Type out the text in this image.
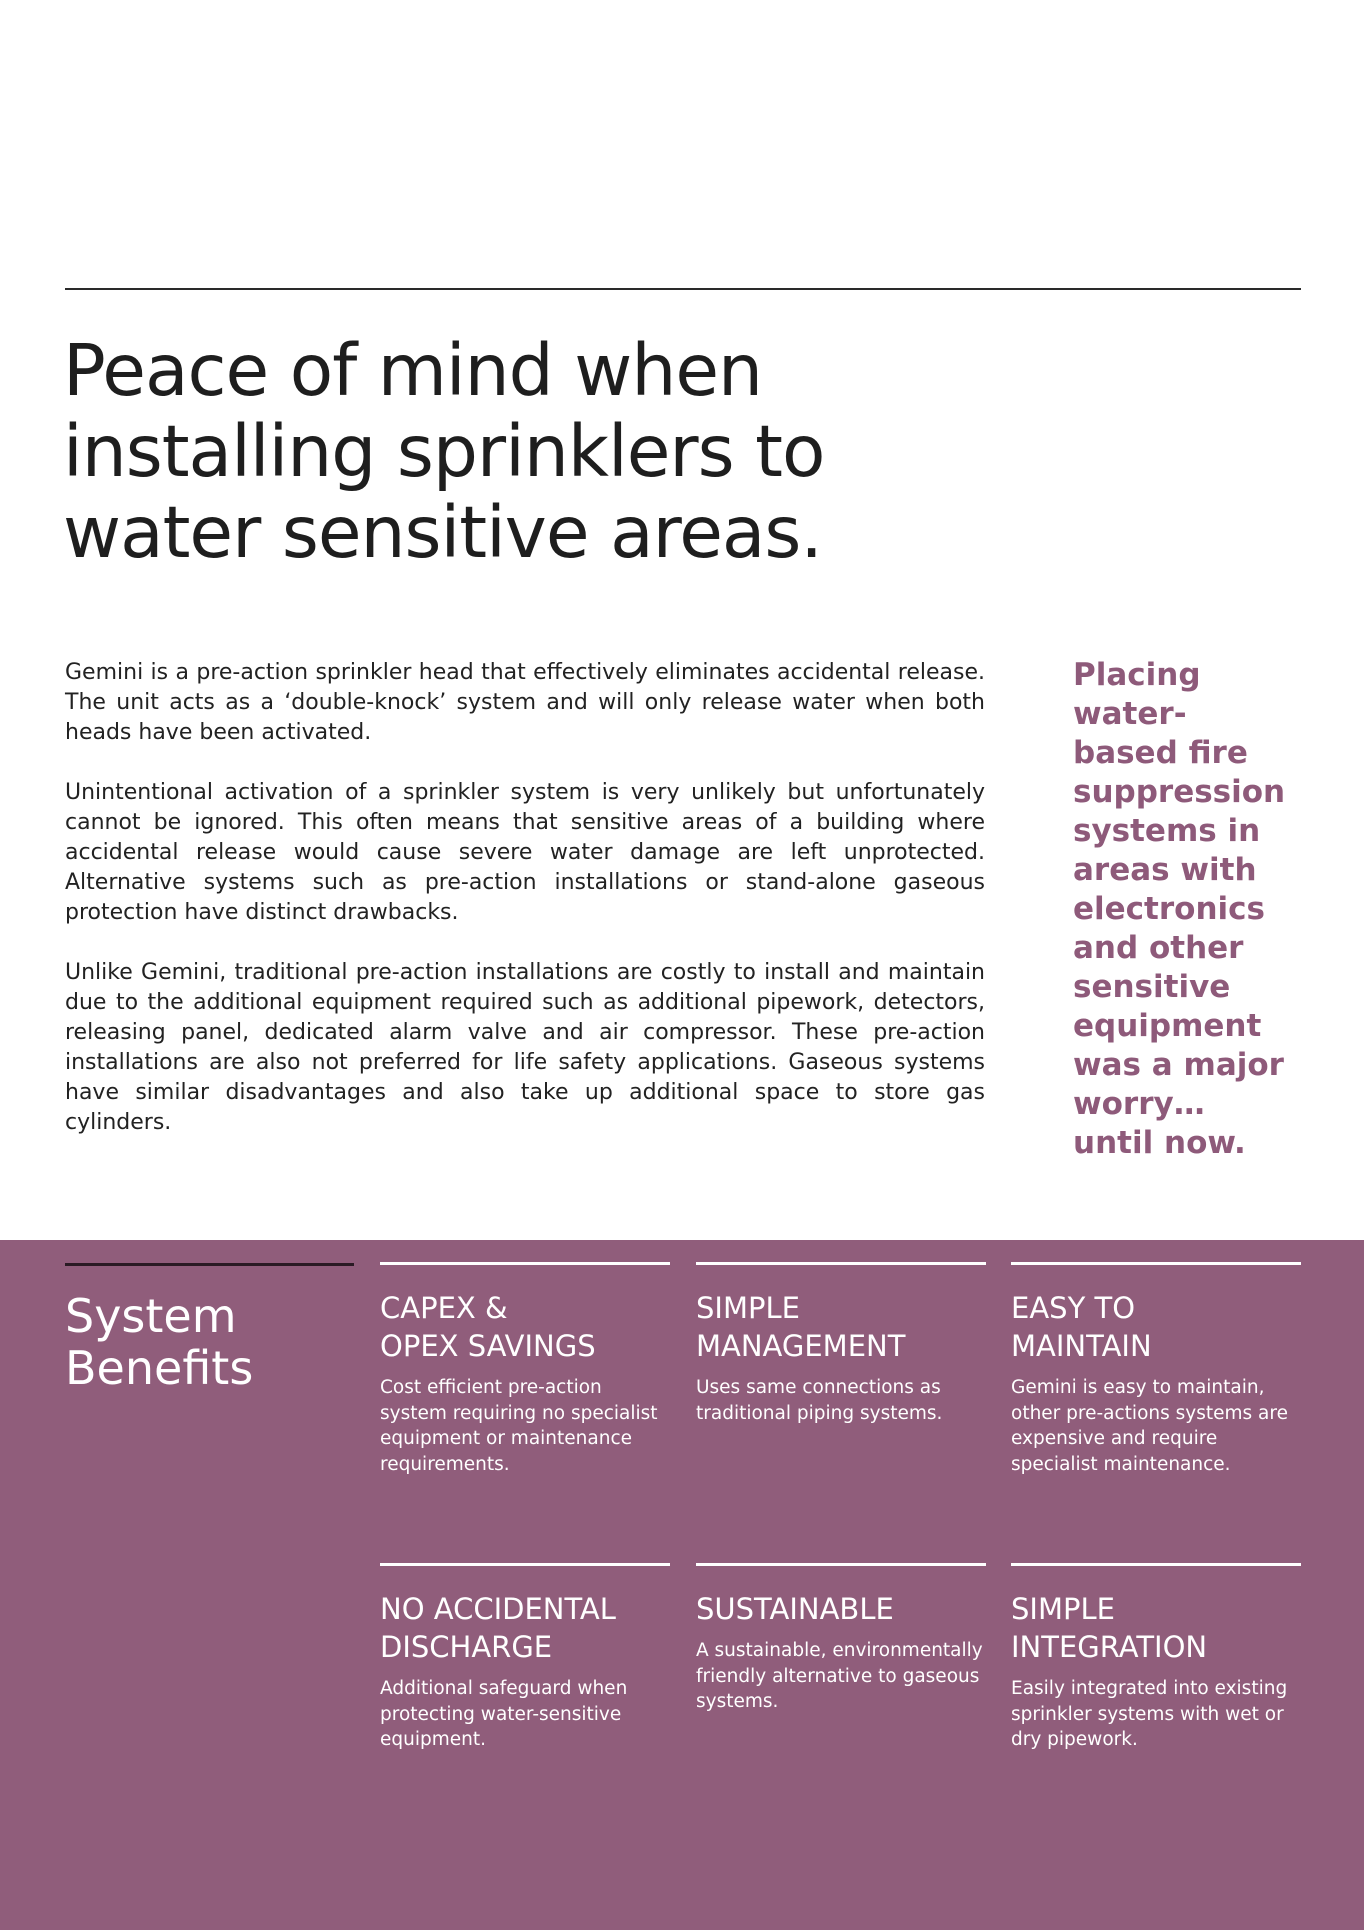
Peace of mind when
installing sprinklers to
water sensitive areas.

Gemini is a pre-action sprinkler head that effectively eliminates accidental release. The unit acts as a ‘double-knock’ system and will only release water when both heads have been activated.

Unintentional activation of a sprinkler system is very unlikely but unfortunately cannot be ignored. This often means that sensitive areas of a building where accidental release would cause severe water damage are left unprotected. Alternative systems such as pre-action installations or stand-alone gaseous protection have distinct drawbacks.

Unlike Gemini, traditional pre-action installations are costly to install and maintain due to the additional equipment required such as additional pipework, detectors, releasing panel, dedicated alarm valve and air compressor. These pre-action installations are also not preferred for life safety applications. Gaseous systems have similar disadvantages and also take up additional space to store gas cylinders.

Placing
water-
based fire
suppression
systems in
areas with
electronics
and other
sensitive
equipment
was a major
worry…
until now.
System
Benefits
CAPEX &
OPEX SAVINGS

Cost efficient pre-action system requiring no specialist equipment or maintenance requirements.

SIMPLE
MANAGEMENT

Uses same connections as traditional piping systems.

EASY TO
MAINTAIN

Gemini is easy to maintain, other pre-actions systems are expensive and require specialist maintenance.

NO ACCIDENTAL
DISCHARGE

Additional safeguard when protecting water-sensitive equipment.

SUSTAINABLE

A sustainable, environmentally friendly alternative to gaseous systems.

SIMPLE
INTEGRATION

Easily integrated into existing sprinkler systems with wet or dry pipework.
